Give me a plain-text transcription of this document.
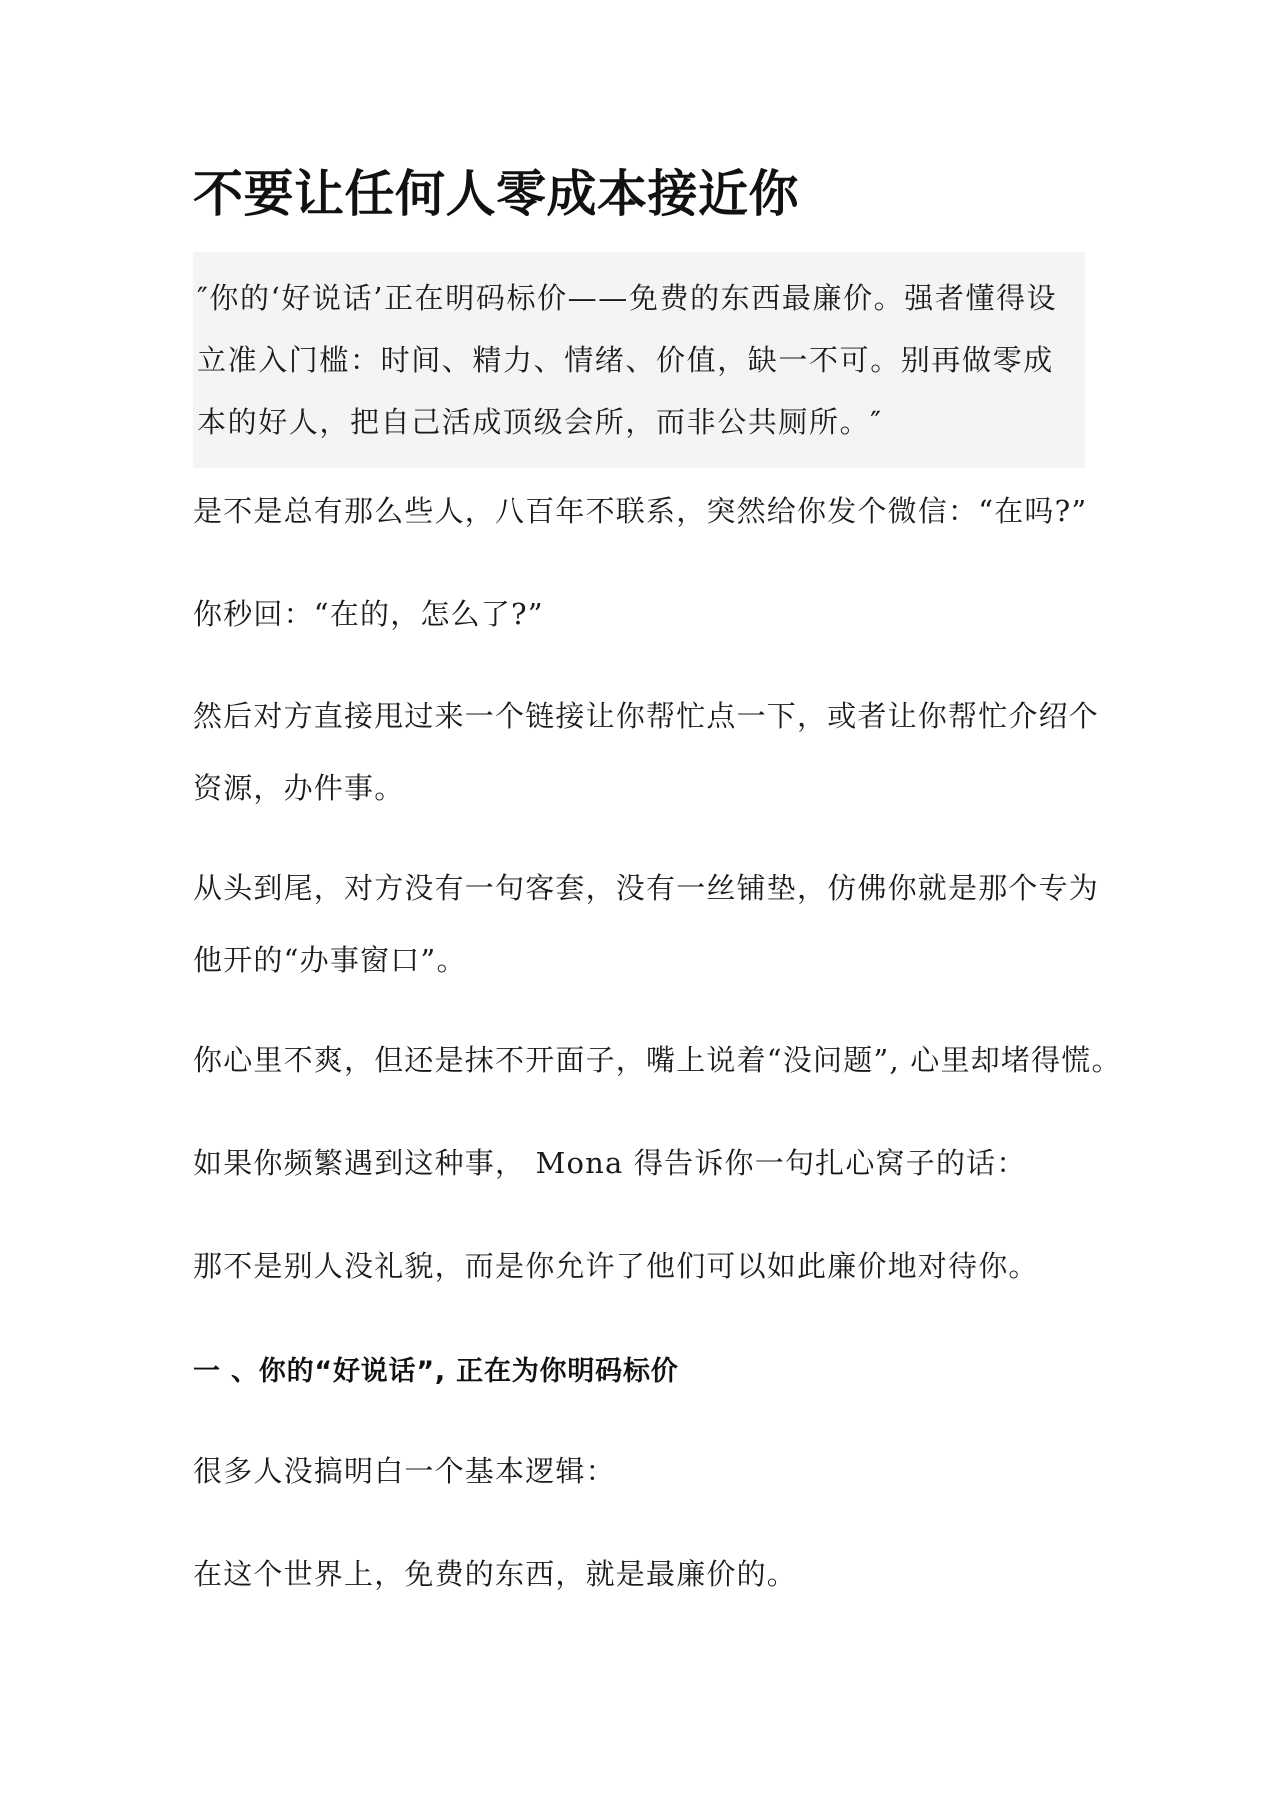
不要让任何人零成本接近你
″你的‘好说话’正在明码标价——免费的东西最廉价。强者懂得设
立准入门槛：时间、精力、情绪、价值，缺一不可。别再做零成
本的好人，把自己活成顶级会所，而非公共厕所。″

是不是总有那么些人，八百年不联系，突然给你发个微信：“在吗?”

你秒回：“在的，怎么了?”

然后对方直接甩过来一个链接让你帮忙点一下，或者让你帮忙介绍个
资源，办件事。

从头到尾，对方没有一句客套，没有一丝铺垫，仿佛你就是那个专为
他开的“办事窗口”。

你心里不爽，但还是抹不开面子，嘴上说着“没问题”, 心里却堵得慌。

如果你频繁遇到这种事， Mona 得告诉你一句扎心窝子的话：

那不是别人没礼貌，而是你允许了他们可以如此廉价地对待你。

一 、你的“好说话”, 正在为你明码标价

很多人没搞明白一个基本逻辑：

在这个世界上，免费的东西，就是最廉价的。
